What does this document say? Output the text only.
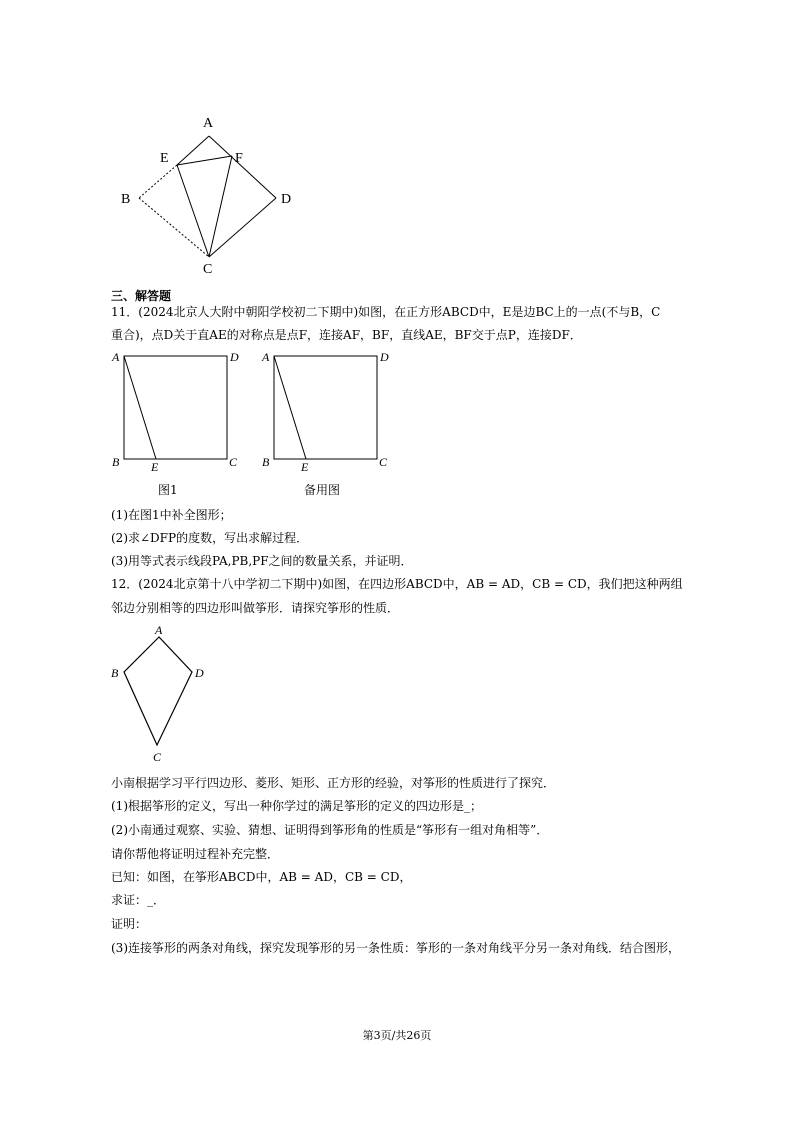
A
E	F
B	D
C
三、解答题
11．(2024北京人大附中朝阳学校初二下期中)如图，在正方形ABCD中，E是边BC上的一点(不与B，C
重合)，点D关于直AE的对称点是点F，连接AF，BF，直线AE，BF交于点P，连接DF．
A	D
B	E	C
图1
A	D
B	E	C
备用图
(1)在图1中补全图形；
(2)求∠DFP的度数，写出求解过程．
(3)用等式表示线段PA,PB,PF之间的数量关系，并证明．
12．(2024北京第十八中学初二下期中)如图，在四边形ABCD中，AB = AD，CB = CD，我们把这种两组
邻边分别相等的四边形叫做筝形．请探究筝形的性质．
A
B	D
C
小南根据学习平行四边形、菱形、矩形、正方形的经验，对筝形的性质进行了探究．
(1)根据筝形的定义，写出一种你学过的满足筝形的定义的四边形是_；
(2)小南通过观察、实验、猜想、证明得到筝形角的性质是“筝形有一组对角相等”．
请你帮他将证明过程补充完整．
已知：如图，在筝形ABCD中，AB = AD，CB = CD，
求证：_．
证明：
(3)连接筝形的两条对角线，探究发现筝形的另一条性质：筝形的一条对角线平分另一条对角线．结合图形，
第3页/共26页
